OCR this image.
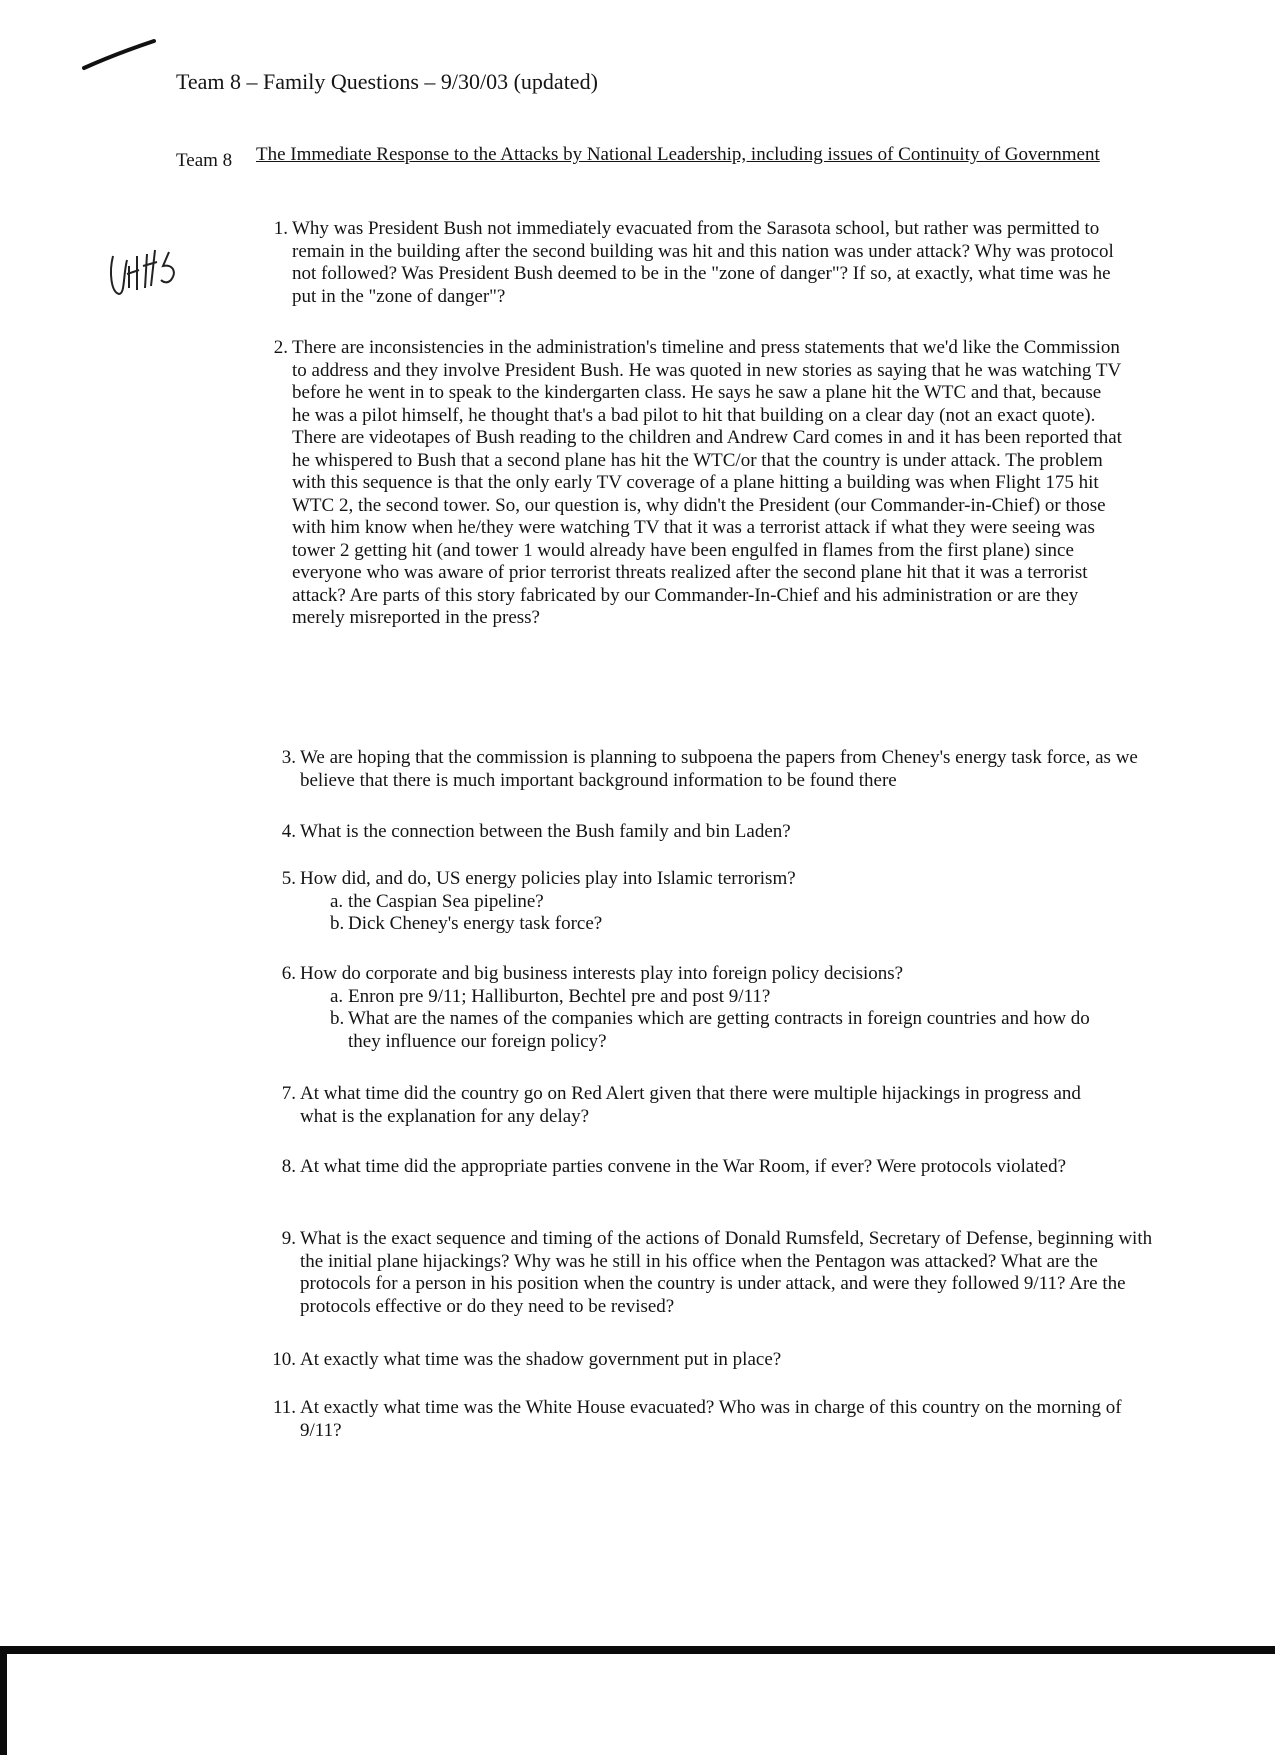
Team 8 – Family Questions – 9/30/03 (updated)
Team 8 The Immediate Response to the Attacks by National Leadership, including issues of Continuity of Government
1. Why was President Bush not immediately evacuated from the Sarasota school, but rather was permitted to remain in the building after the second building was hit and this nation was under attack? Why was protocol not followed? Was President Bush deemed to be in the "zone of danger"? If so, at exactly, what time was he put in the "zone of danger"?
2. There are inconsistencies in the administration's timeline and press statements that we'd like the Commission to address and they involve President Bush. He was quoted in new stories as saying that he was watching TV before he went in to speak to the kindergarten class. He says he saw a plane hit the WTC and that, because he was a pilot himself, he thought that's a bad pilot to hit that building on a clear day (not an exact quote). There are videotapes of Bush reading to the children and Andrew Card comes in and it has been reported that he whispered to Bush that a second plane has hit the WTC/or that the country is under attack. The problem with this sequence is that the only early TV coverage of a plane hitting a building was when Flight 175 hit WTC 2, the second tower. So, our question is, why didn't the President (our Commander-in-Chief) or those with him know when he/they were watching TV that it was a terrorist attack if what they were seeing was tower 2 getting hit (and tower 1 would already have been engulfed in flames from the first plane) since everyone who was aware of prior terrorist threats realized after the second plane hit that it was a terrorist attack? Are parts of this story fabricated by our Commander-In-Chief and his administration or are they merely misreported in the press?
3. We are hoping that the commission is planning to subpoena the papers from Cheney's energy task force, as we believe that there is much important background information to be found there
4. What is the connection between the Bush family and bin Laden?
5. How did, and do, US energy policies play into Islamic terrorism?
a. the Caspian Sea pipeline?
b. Dick Cheney's energy task force?
6. How do corporate and big business interests play into foreign policy decisions?
a. Enron pre 9/11; Halliburton, Bechtel pre and post 9/11?
b. What are the names of the companies which are getting contracts in foreign countries and how do they influence our foreign policy?
7. At what time did the country go on Red Alert given that there were multiple hijackings in progress and what is the explanation for any delay?
8. At what time did the appropriate parties convene in the War Room, if ever? Were protocols violated?
9. What is the exact sequence and timing of the actions of Donald Rumsfeld, Secretary of Defense, beginning with the initial plane hijackings? Why was he still in his office when the Pentagon was attacked? What are the protocols for a person in his position when the country is under attack, and were they followed 9/11? Are the protocols effective or do they need to be revised?
10. At exactly what time was the shadow government put in place?
11. At exactly what time was the White House evacuated? Who was in charge of this country on the morning of 9/11?
